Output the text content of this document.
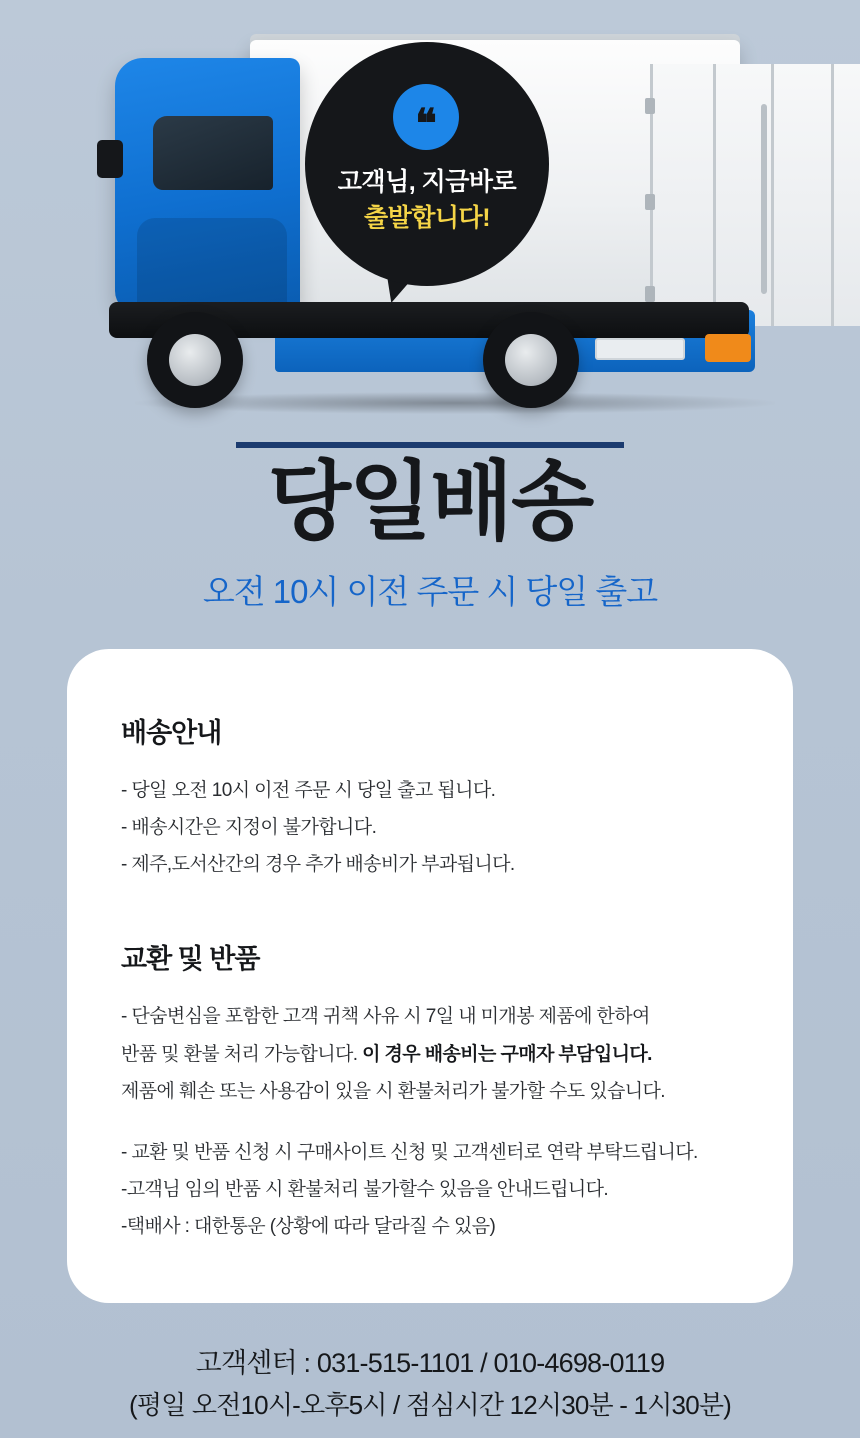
❝
고객님, 지금바로
출발합니다!
당일배송
오전 10시 이전 주문 시 당일 출고
배송안내
- 당일 오전 10시 이전 주문 시 당일 출고 됩니다.
- 배송시간은 지정이 불가합니다.
- 제주,도서산간의 경우 추가 배송비가 부과됩니다.
교환 및 반품
- 단숨변심을 포함한 고객 귀책 사유 시 7일 내 미개봉 제품에 한하여
반품 및 환불 처리 가능합니다. 이 경우 배송비는 구매자 부담입니다.
제품에 훼손 또는 사용감이 있을 시 환불처리가 불가할 수도 있습니다.
- 교환 및 반품 신청 시 구매사이트 신청 및 고객센터로 연락 부탁드립니다.
-고객님 임의 반품 시 환불처리 불가할수 있음을 안내드립니다.
-택배사 : 대한통운 (상황에 따라 달라질 수 있음)
고객센터 : 031-515-1101 / 010-4698-0119
(평일 오전10시-오후5시 / 점심시간 12시30분 - 1시30분)
